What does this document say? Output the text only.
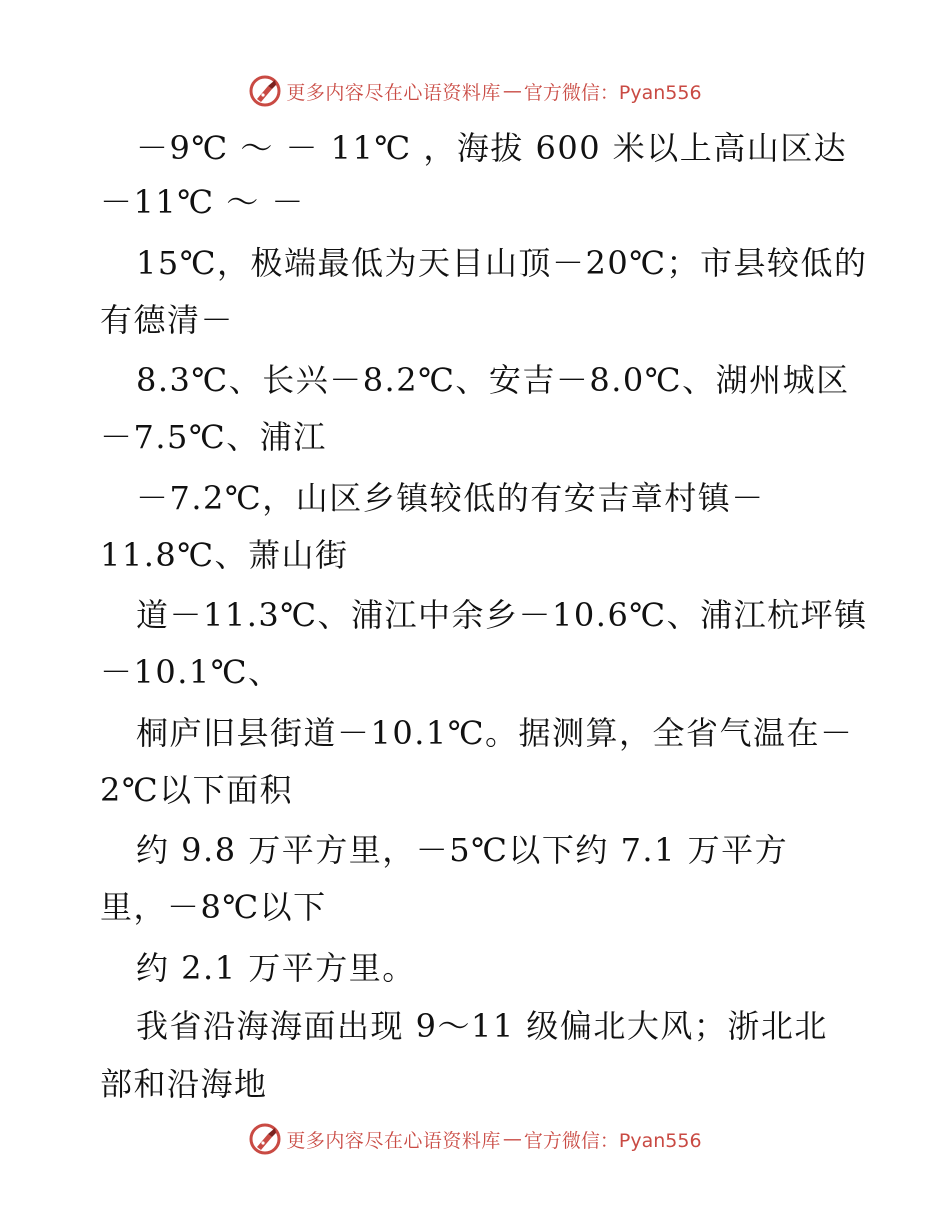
更多内容尽在心语资料库 — 官方微信：Pyan556
－9℃ ～ － 11℃ ，海拔 600 米以上高山区达
－11℃ ～ －
15℃，极端最低为天目山顶－20℃；市县较低的
有德清－
8.3℃、长兴－8.2℃、安吉－8.0℃、湖州城区
－7.5℃、浦江
－7.2℃，山区乡镇较低的有安吉章村镇－
11.8℃、萧山街
道－11.3℃、浦江中余乡－10.6℃、浦江杭坪镇
－10.1℃、
桐庐旧县街道－10.1℃。据测算，全省气温在－
2℃以下面积
约 9.8 万平方里，－5℃以下约 7.1 万平方
里，－8℃以下
约 2.1 万平方里。
我省沿海海面出现 9～11 级偏北大风；浙北北
部和沿海地
更多内容尽在心语资料库 — 官方微信：Pyan556
